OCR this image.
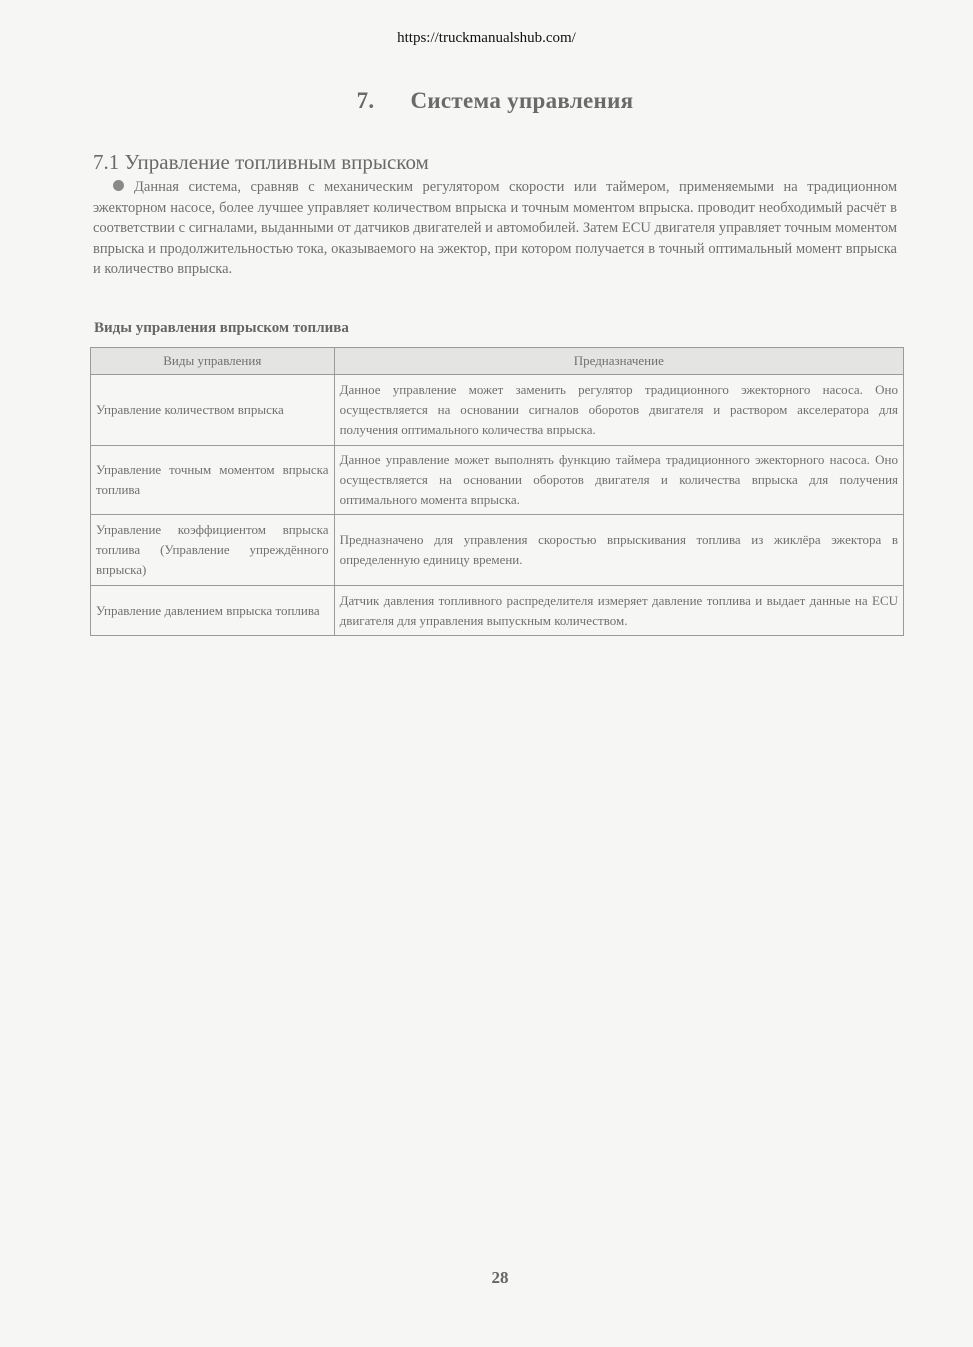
https://truckmanualshub.com/
7. Система управления
7.1 Управление топливным впрыском
Данная система, сравняв с механическим регулятором скорости или таймером, применяемыми на традиционном эжекторном насосе, более лучшее управляет количеством впрыска и точным моментом впрыска. проводит необходимый расчёт в соответствии с сигналами, выданными от датчиков двигателей и автомобилей. Затем ECU двигателя управляет точным моментом впрыска и продолжительностью тока, оказываемого на эжектор, при котором получается в точный оптимальный момент впрыска и количество впрыска.
Виды управления впрыском топлива
Виды управления	Предназначение
Управление количеством впрыска	Данное управление может заменить регулятор традиционного эжекторного насоса. Оно осуществляется на основании сигналов оборотов двигателя и раствором акселератора для получения оптимального количества впрыска.
Управление точным моментом впрыска топлива	Данное управление может выполнять функцию таймера традиционного эжекторного насоса. Оно осуществляется на основании оборотов двигателя и количества впрыска для получения оптимального момента впрыска.
Управление коэффициентом впрыска топлива (Управление упреждённого впрыска)	Предназначено для управления скоростью впрыскивания топлива из жиклёра эжектора в определенную единицу времени.
Управление давлением впрыска топлива	Датчик давления топливного распределителя измеряет давление топлива и выдает данные на ECU двигателя для управления выпускным количеством.
28
